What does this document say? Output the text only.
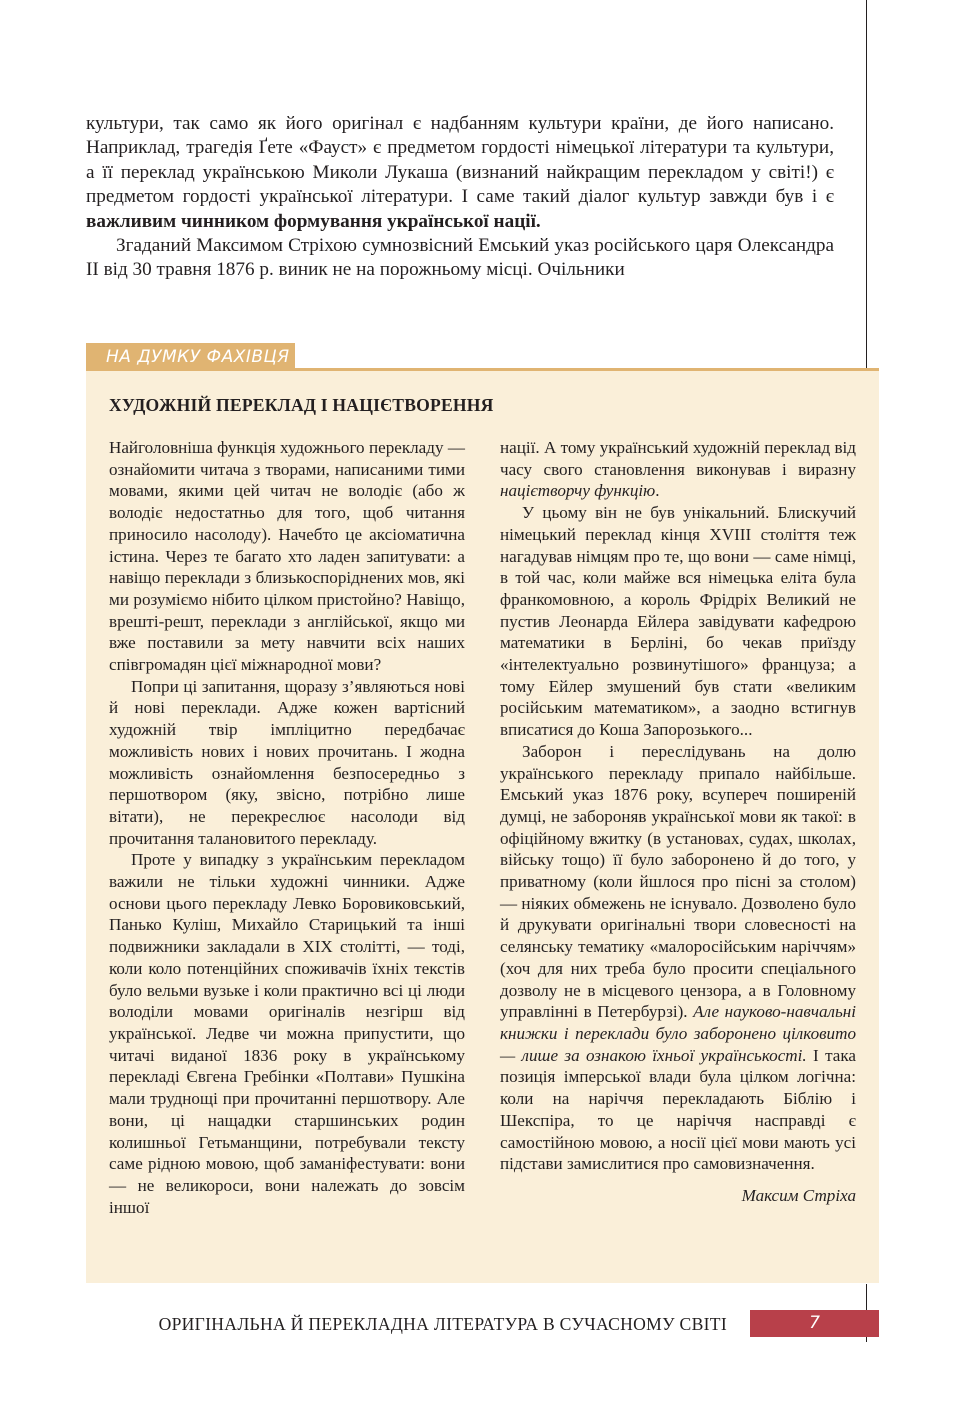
культури, так само як його оригінал є надбанням культури країни, де його написано. Наприклад, трагедія Ґете «Фауст» є предметом гордості німецької літератури та культури, а її переклад українською Миколи Лукаша (визнаний найкращим перекладом у світі!) є предметом гордості української літератури. І саме такий діалог культур завжди був і є важливим чинником формування української нації.

Згаданий Максимом Стріхою сумнозвісний Емський указ російського царя Олександра II від 30 травня 1876 р. виник не на порожньому місці. Очільники

НА ДУМКУ ФАХІВЦЯ
ХУДОЖНІЙ ПЕРЕКЛАД І НАЦІЄТВОРЕННЯ

Найголовніша функція художнього перекладу — ознайомити читача з творами, написаними тими мовами, якими цей читач не володіє (або ж володіє недостатньо для того, щоб читання приносило насолоду). Начебто це аксіоматична істина. Через те багато хто ладен запитувати: а навіщо переклади з близькоспоріднених мов, які ми розуміємо нібито цілком пристойно? Навіщо, врешті-решт, переклади з англійської, якщо ми вже поставили за мету навчити всіх наших співгромадян цієї міжнародної мови?

Попри ці запитання, щоразу з’являються нові й нові переклади. Адже кожен вартісний художній твір імпліцитно передбачає можливість нових і нових прочитань. І жодна можливість ознайомлення безпосередньо з першотвором (яку, звісно, потрібно лише вітати), не перекреслює насолоди від прочитання талановитого перекладу.

Проте у випадку з українським перекладом важили не тільки художні чинники. Адже основи цього перекладу Левко Боровиковський, Панько Куліш, Михайло Старицький та інші подвижники закладали в XIX столітті, — тоді, коли коло потенційних споживачів їхніх текстів було вельми вузьке і коли практично всі ці люди володіли мовами оригіналів незгірш від української. Ледве чи можна припустити, що читачі виданої 1836 року в українському перекладі Євгена Гребінки «Полтави» Пушкіна мали труднощі при прочитанні першотвору. Але вони, ці нащадки старшинських родин колишньої Гетьманщини, потребували тексту саме рідною мовою, щоб заманіфестувати: вони — не великороси, вони належать до зовсім іншої

нації. А тому український художній переклад від часу свого становлення виконував і виразну націєтворчу функцію.

У цьому він не був унікальний. Блискучий німецький переклад кінця XVIII століття теж нагадував німцям про те, що вони — саме німці, в той час, коли майже вся німецька еліта була франкомовною, а король Фрідріх Великий не пустив Леонарда Ейлера завідувати кафедрою математики в Берліні, бо чекав приїзду «інтелектуально розвинутішого» француза; а тому Ейлер змушений був стати «великим російським математиком», а заодно встигнув вписатися до Коша Запорозького...

Заборон і переслідувань на долю українського перекладу припало найбільше. Емський указ 1876 року, всупереч поширеній думці, не забороняв української мови як такої: в офіційному вжитку (в установах, судах, школах, війську тощо) її було заборонено й до того, у приватному (коли йшлося про пісні за столом) — ніяких обмежень не існувало. Дозволено було й друкувати оригінальні твори словесності на селянську тематику «малоросійським наріччям» (хоч для них треба було просити спеціального дозволу не в місцевого цензора, а в Головному управлінні в Петербурзі). Але науково-навчальні книжки і переклади було заборонено цілковито — лише за ознакою їхньої українськості. І така позиція імперської влади була цілком логічна: коли на наріччя перекладають Біблію і Шекспіра, то це наріччя насправді є самостійною мовою, а носії цієї мови мають усі підстави замислитися про самовизначення.

Максим Стріха

ОРИГІНАЛЬНА Й ПЕРЕКЛАДНА ЛІТЕРАТУРА В СУЧАСНОМУ СВІТІ	7
